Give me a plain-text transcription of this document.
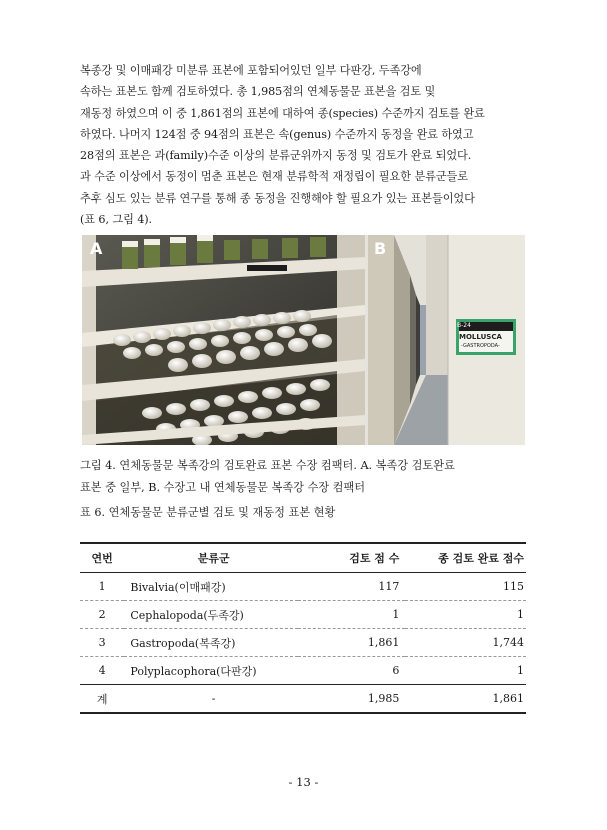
복종강 및 이매패강 미분류 표본에 포함되어있던 일부 다판강, 두족강에
속하는 표본도 함께 검토하였다. 총 1,985점의 연체동물문 표본을 검토 및
재동정 하였으며 이 중 1,861점의 표본에 대하여 종(species) 수준까지 검토를 완료
하였다. 나머지 124점 중 94점의 표본은 속(genus) 수준까지 동정을 완료 하였고
28점의 표본은 과(family)수준 이상의 분류군위까지 동정 및 검토가 완료 되었다.
과 수준 이상에서 동정이 멈춘 표본은 현재 분류학적 재정립이 필요한 분류군들로
추후 심도 있는 분류 연구를 통해 종 동정을 진행해야 할 필요가 있는 표본들이었다
(표 6, 그림 4).
A	B
B-24
MOLLUSCA
-GASTROPODA-
그림 4. 연체동물문 복족강의 검토완료 표본 수장 컴팩터. A. 복족강 검토완료
표본 중 일부, B. 수장고 내 연체동물문 복족강 수장 컴팩터
표 6. 연체동물문 분류군별 검토 및 재동정 표본 현황
연번	분류군	검토 점 수	종 검토 완료 점수
1	Bivalvia(이매패강)	117	115
2	Cephalopoda(두족강)	1	1
3	Gastropoda(복족강)	1,861	1,744
4	Polyplacophora(다판강)	6	1
계	-	1,985	1,861
- 13 -
